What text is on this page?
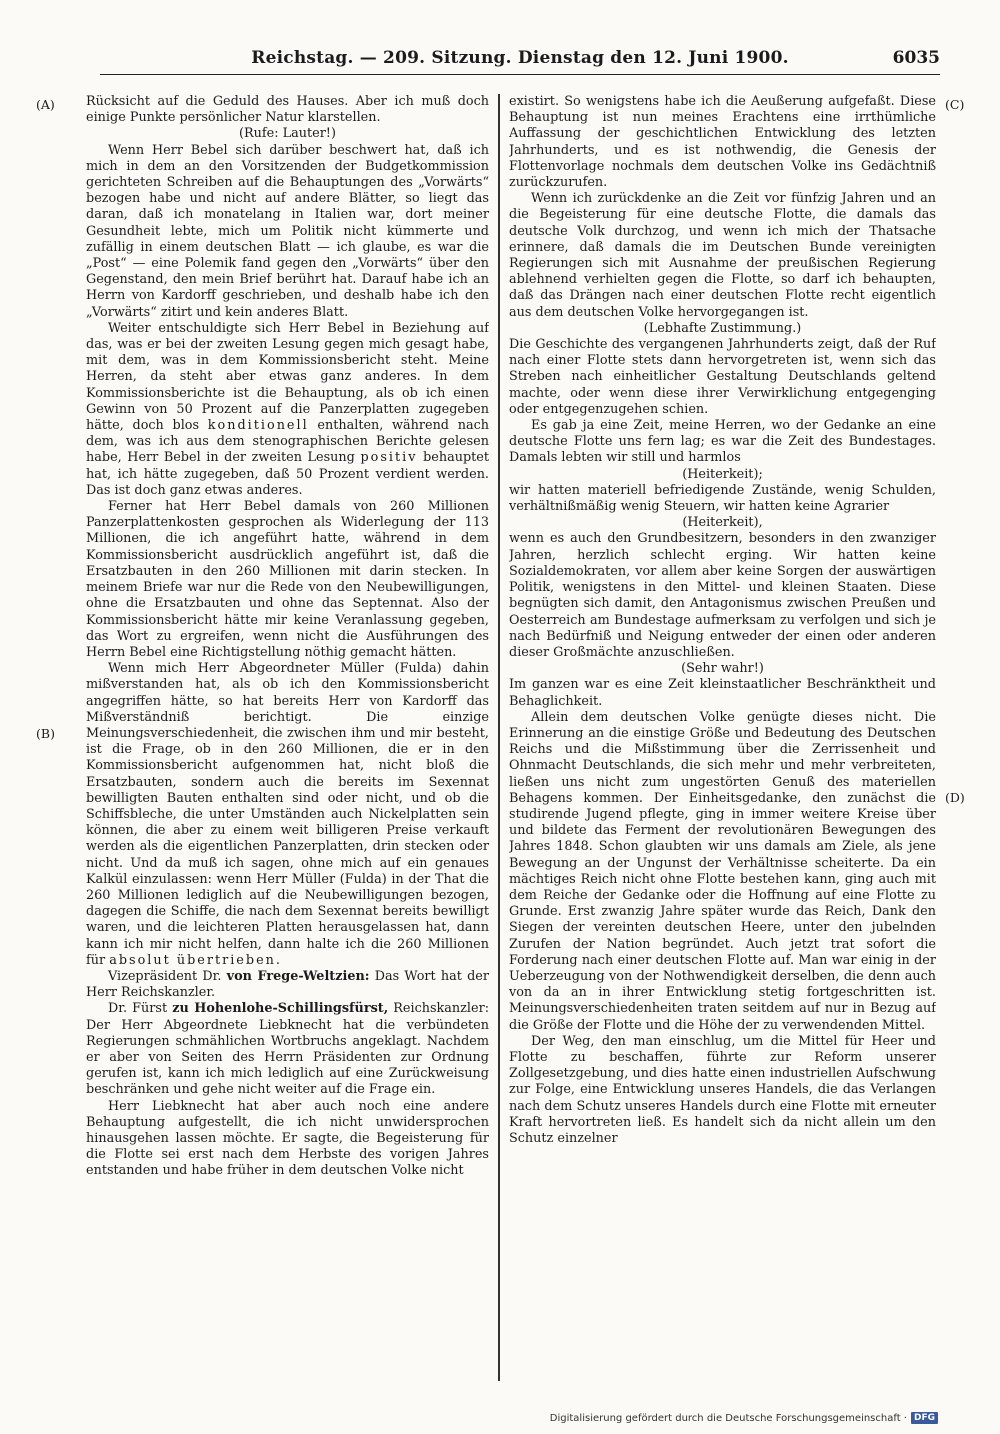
Reichstag. — 209. Sitzung. Dienstag den 12. Juni 1900.	6035
(A)
(B)
(C)
(D)

Rücksicht auf die Geduld des Hauses. Aber ich muß doch einige Punkte persönlicher Natur klarstellen.

(Rufe: Lauter!)

Wenn Herr Bebel sich darüber beschwert hat, daß ich mich in dem an den Vorsitzenden der Budgetkommission gerichteten Schreiben auf die Behauptungen des „Vorwärts“ bezogen habe und nicht auf andere Blätter, so liegt das daran, daß ich monatelang in Italien war, dort meiner Gesundheit lebte, mich um Politik nicht kümmerte und zufällig in einem deutschen Blatt — ich glaube, es war die „Post“ — eine Polemik fand gegen den „Vorwärts“ über den Gegenstand, den mein Brief berührt hat. Darauf habe ich an Herrn von Kardorff geschrieben, und deshalb habe ich den „Vorwärts“ zitirt und kein anderes Blatt.

Weiter entschuldigte sich Herr Bebel in Beziehung auf das, was er bei der zweiten Lesung gegen mich gesagt habe, mit dem, was in dem Kommissionsbericht steht. Meine Herren, da steht aber etwas ganz anderes. In dem Kommissionsberichte ist die Behauptung, als ob ich einen Gewinn von 50 Prozent auf die Panzerplatten zugegeben hätte, doch blos konditionell enthalten, während nach dem, was ich aus dem stenographischen Berichte gelesen habe, Herr Bebel in der zweiten Lesung positiv behauptet hat, ich hätte zugegeben, daß 50 Prozent verdient werden. Das ist doch ganz etwas anderes.

Ferner hat Herr Bebel damals von 260 Millionen Panzerplattenkosten gesprochen als Widerlegung der 113 Millionen, die ich angeführt hatte, während in dem Kommissionsbericht ausdrücklich angeführt ist, daß die Ersatzbauten in den 260 Millionen mit darin stecken. In meinem Briefe war nur die Rede von den Neubewilligungen, ohne die Ersatzbauten und ohne das Septennat. Also der Kommissionsbericht hätte mir keine Veranlassung gegeben, das Wort zu ergreifen, wenn nicht die Ausführungen des Herrn Bebel eine Richtigstellung nöthig gemacht hätten.

Wenn mich Herr Abgeordneter Müller (Fulda) dahin mißverstanden hat, als ob ich den Kommissionsbericht angegriffen hätte, so hat bereits Herr von Kardorff das Mißverständniß berichtigt. Die einzige Meinungsverschiedenheit, die zwischen ihm und mir besteht, ist die Frage, ob in den 260 Millionen, die er in den Kommissionsbericht aufgenommen hat, nicht bloß die Ersatzbauten, sondern auch die bereits im Sexennat bewilligten Bauten enthalten sind oder nicht, und ob die Schiffsbleche, die unter Umständen auch Nickelplatten sein können, die aber zu einem weit billigeren Preise verkauft werden als die eigentlichen Panzerplatten, drin stecken oder nicht. Und da muß ich sagen, ohne mich auf ein genaues Kalkül einzulassen: wenn Herr Müller (Fulda) in der That die 260 Millionen lediglich auf die Neubewilligungen bezogen, dagegen die Schiffe, die nach dem Sexennat bereits bewilligt waren, und die leichteren Platten herausgelassen hat, dann kann ich mir nicht helfen, dann halte ich die 260 Millionen für absolut übertrieben.

Vizepräsident Dr. von Frege-Weltzien: Das Wort hat der Herr Reichskanzler.

Dr. Fürst zu Hohenlohe-Schillingsfürst, Reichskanzler: Der Herr Abgeordnete Liebknecht hat die verbündeten Regierungen schmählichen Wortbruchs angeklagt. Nachdem er aber von Seiten des Herrn Präsidenten zur Ordnung gerufen ist, kann ich mich lediglich auf eine Zurückweisung beschränken und gehe nicht weiter auf die Frage ein.

Herr Liebknecht hat aber auch noch eine andere Behauptung aufgestellt, die ich nicht unwidersprochen hinausgehen lassen möchte. Er sagte, die Begeisterung für die Flotte sei erst nach dem Herbste des vorigen Jahres entstanden und habe früher in dem deutschen Volke nicht

existirt. So wenigstens habe ich die Aeußerung aufgefaßt. Diese Behauptung ist nun meines Erachtens eine irrthümliche Auffassung der geschichtlichen Entwicklung des letzten Jahrhunderts, und es ist nothwendig, die Genesis der Flottenvorlage nochmals dem deutschen Volke ins Gedächtniß zurückzurufen.

Wenn ich zurückdenke an die Zeit vor fünfzig Jahren und an die Begeisterung für eine deutsche Flotte, die damals das deutsche Volk durchzog, und wenn ich mich der Thatsache erinnere, daß damals die im Deutschen Bunde vereinigten Regierungen sich mit Ausnahme der preußischen Regierung ablehnend verhielten gegen die Flotte, so darf ich behaupten, daß das Drängen nach einer deutschen Flotte recht eigentlich aus dem deutschen Volke hervorgegangen ist.

(Lebhafte Zustimmung.)

Die Geschichte des vergangenen Jahrhunderts zeigt, daß der Ruf nach einer Flotte stets dann hervorgetreten ist, wenn sich das Streben nach einheitlicher Gestaltung Deutschlands geltend machte, oder wenn diese ihrer Verwirklichung entgegenging oder entgegenzugehen schien.

Es gab ja eine Zeit, meine Herren, wo der Gedanke an eine deutsche Flotte uns fern lag; es war die Zeit des Bundestages. Damals lebten wir still und harmlos

(Heiterkeit);

wir hatten materiell befriedigende Zustände, wenig Schulden, verhältnißmäßig wenig Steuern, wir hatten keine Agrarier

(Heiterkeit),

wenn es auch den Grundbesitzern, besonders in den zwanziger Jahren, herzlich schlecht erging. Wir hatten keine Sozialdemokraten, vor allem aber keine Sorgen der auswärtigen Politik, wenigstens in den Mittel- und kleinen Staaten. Diese begnügten sich damit, den Antagonismus zwischen Preußen und Oesterreich am Bundestage aufmerksam zu verfolgen und sich je nach Bedürfniß und Neigung entweder der einen oder anderen dieser Großmächte anzuschließen.

(Sehr wahr!)

Im ganzen war es eine Zeit kleinstaatlicher Beschränktheit und Behaglichkeit.

Allein dem deutschen Volke genügte dieses nicht. Die Erinnerung an die einstige Größe und Bedeutung des Deutschen Reichs und die Mißstimmung über die Zerrissenheit und Ohnmacht Deutschlands, die sich mehr und mehr verbreiteten, ließen uns nicht zum ungestörten Genuß des materiellen Behagens kommen. Der Einheitsgedanke, den zunächst die studirende Jugend pflegte, ging in immer weitere Kreise über und bildete das Ferment der revolutionären Bewegungen des Jahres 1848. Schon glaubten wir uns damals am Ziele, als jene Bewegung an der Ungunst der Verhältnisse scheiterte. Da ein mächtiges Reich nicht ohne Flotte bestehen kann, ging auch mit dem Reiche der Gedanke oder die Hoffnung auf eine Flotte zu Grunde. Erst zwanzig Jahre später wurde das Reich, Dank den Siegen der vereinten deutschen Heere, unter den jubelnden Zurufen der Nation begründet. Auch jetzt trat sofort die Forderung nach einer deutschen Flotte auf. Man war einig in der Ueberzeugung von der Nothwendigkeit derselben, die denn auch von da an in ihrer Entwicklung stetig fortgeschritten ist. Meinungsverschiedenheiten traten seitdem auf nur in Bezug auf die Größe der Flotte und die Höhe der zu verwendenden Mittel.

Der Weg, den man einschlug, um die Mittel für Heer und Flotte zu beschaffen, führte zur Reform unserer Zollgesetzgebung, und dies hatte einen industriellen Aufschwung zur Folge, eine Entwicklung unseres Handels, die das Verlangen nach dem Schutz unseres Handels durch eine Flotte mit erneuter Kraft hervortreten ließ. Es handelt sich da nicht allein um den Schutz einzelner

Digitalisierung gefördert durch die Deutsche Forschungsgemeinschaft · DFG
